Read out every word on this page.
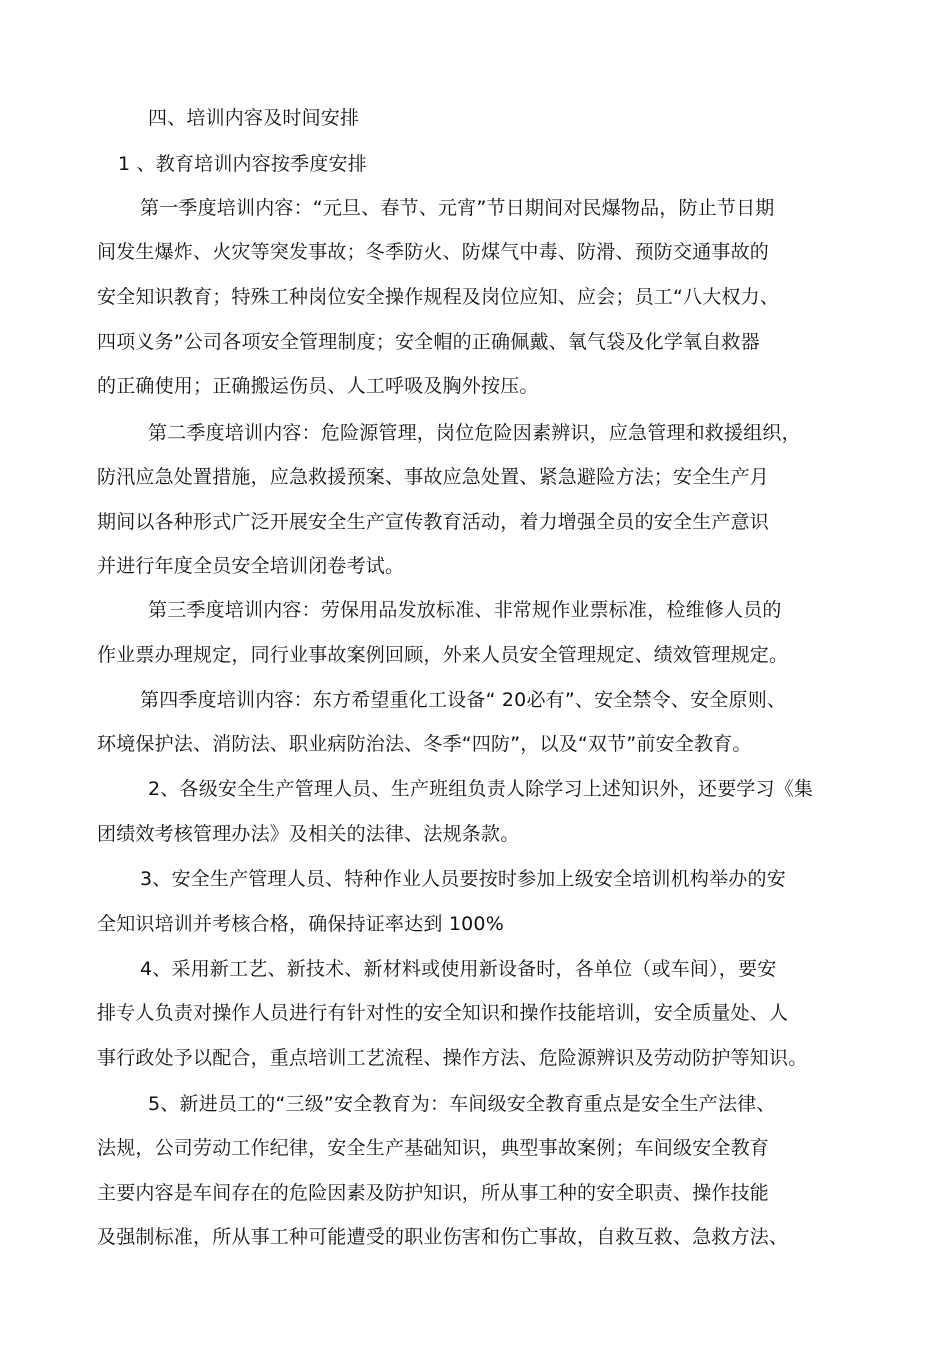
四、培训内容及时间安排
1 、教育培训内容按季度安排
第一季度培训内容：“元旦、春节、元宵”节日期间对民爆物品，防止节日期
间发生爆炸、火灾等突发事故；冬季防火、防煤气中毒、防滑、预防交通事故的
安全知识教育；特殊工种岗位安全操作规程及岗位应知、应会；员工“八大权力、
四项义务”公司各项安全管理制度；安全帽的正确佩戴、氧气袋及化学氧自救器
的正确使用；正确搬运伤员、人工呼吸及胸外按压。
第二季度培训内容：危险源管理，岗位危险因素辨识，应急管理和救援组织，
防汛应急处置措施，应急救援预案、事故应急处置、紧急避险方法；安全生产月
期间以各种形式广泛开展安全生产宣传教育活动，着力增强全员的安全生产意识
并进行年度全员安全培训闭卷考试。
第三季度培训内容：劳保用品发放标准、非常规作业票标准，检维修人员的
作业票办理规定，同行业事故案例回顾，外来人员安全管理规定、绩效管理规定。
第四季度培训内容：东方希望重化工设备“ 20必有”、安全禁令、安全原则、
环境保护法、消防法、职业病防治法、冬季“四防”，以及“双节”前安全教育。
2、各级安全生产管理人员、生产班组负责人除学习上述知识外，还要学习《集
团绩效考核管理办法》及相关的法律、法规条款。
3、安全生产管理人员、特种作业人员要按时参加上级安全培训机构举办的安
全知识培训并考核合格，确保持证率达到 100%
4、采用新工艺、新技术、新材料或使用新设备时，各单位（或车间），要安
排专人负责对操作人员进行有针对性的安全知识和操作技能培训，安全质量处、人
事行政处予以配合，重点培训工艺流程、操作方法、危险源辨识及劳动防护等知识。
5、新进员工的“三级”安全教育为：车间级安全教育重点是安全生产法律、
法规，公司劳动工作纪律，安全生产基础知识，典型事故案例；车间级安全教育
主要内容是车间存在的危险因素及防护知识，所从事工种的安全职责、操作技能
及强制标准，所从事工种可能遭受的职业伤害和伤亡事故，自救互救、急救方法、
